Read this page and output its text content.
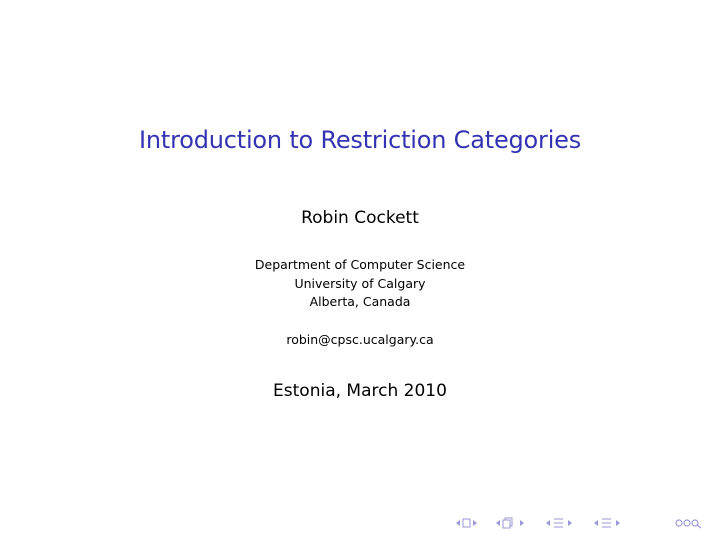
Introduction to Restriction Categories
Robin Cockett
Department of Computer Science
University of Calgary
Alberta, Canada
robin@cpsc.ucalgary.ca
Estonia, March 2010
